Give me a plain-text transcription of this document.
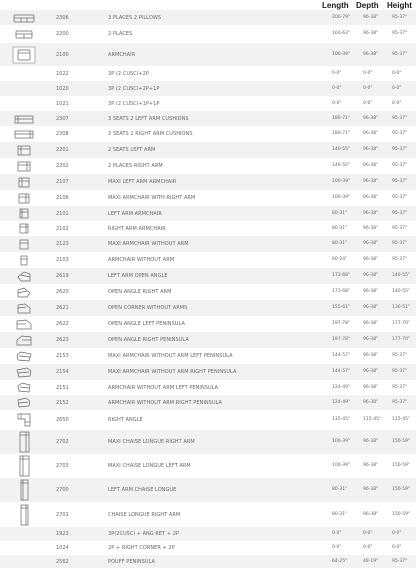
Length Depth Height
2306	3 PLACES 2 PILLOWS	200-79"	96-38"	95-37"
2200	2 PLACES	160-63"	96-38"	95-37"
2100	ARMCHAIR	100-39"	96-38"	95-37"
1022	3P (2 CUSCI+2P	0-0"	0-0"	0-0"
1020	3P (2 CUSCI+2P+1P	0-0"	0-0"	0-0"
1021	3P (2 CUSCI+1P+1P	0-0"	0-0"	0-0"
2307	3 SEATS 2 LEFT ARM CUSHIONS	180-71"	96-38"	95-37"
2308	3 SEATS 2 RIGHT ARM CUSHIONS	180-71"	96-38"	95-37"
2201	2 SEATS LEFT ARM	140-55"	96-38"	95-37"
2202	2 PLACES RIGHT ARM	140-55"	96-38"	95-37"
2107	MAXI LEFT ARM ARMCHAIR	100-39"	96-38"	95-37"
2106	MAXI ARMCHAIR WITH RIGHT ARM	100-39"	96-38"	95-37"
2101	LEFT ARM ARMCHAIR	80-31"	96-38"	95-37"
2102	RIGHT ARM ARMCHAIR	80-31"	96-38"	95-37"
2123	MAXI ARMCHAIR WITHOUT ARM	80-31"	96-38"	95-37"
2103	ARMCHAIR WITHOUT ARM	60-24"	96-38"	95-37"
2619	LEFT ARM OPEN ANGLE	173-68"	96-38"	140-55"
2620	OPEN ANGLE RIGHT ARM	173-68"	96-38"	140-55"
2621	OPEN CORNER WITHOUT ARMS	155-61"	96-38"	130-51"
2622	OPEN ANGLE LEFT PENINSULA	197-78"	96-38"	177-70"
2623	OPEN ANGLE RIGHT PENINSULA	197-78"	96-38"	177-70"
2153	MAXI ARMCHAIR WITHOUT ARM LEFT PENINSULA	144-57"	96-38"	95-37"
2154	MAXI ARMCHAIR WITHOUT ARM RIGHT PENINSULA	144-57"	96-38"	95-37"
2151	ARMCHAIR WITHOUT ARM LEFT PENINSULA	124-49"	96-38"	95-37"
2152	ARMCHAIR WITHOUT ARM RIGHT PENINSULA	124-49"	96-38"	95-37"
2650	RIGHT ANGLE	115-45"	115-45" 115-45"
2702	MAXI CHAISE LONGUE RIGHT ARM	100-39"	96-38"	150-59"
2703	MAXI CHAISE LONGUE LEFT ARM	100-39"	96-38"	150-59"
2700	LEFT ARM CHAISE LONGUE	80-31"	96-38"	150-59"
2701	CHAISE LONGUE RIGHT ARM	80-31"	96-38"	150-59"
1923	3P(2CUSCI + ANG RET + 2P	0-0"	0-0"	0-0"
1024	2P + RIGHT CORNER + 2P	0-0"	0-0"	0-0"
2562	POUFF PENINSULA	64-25"	48-19"	95-37"
